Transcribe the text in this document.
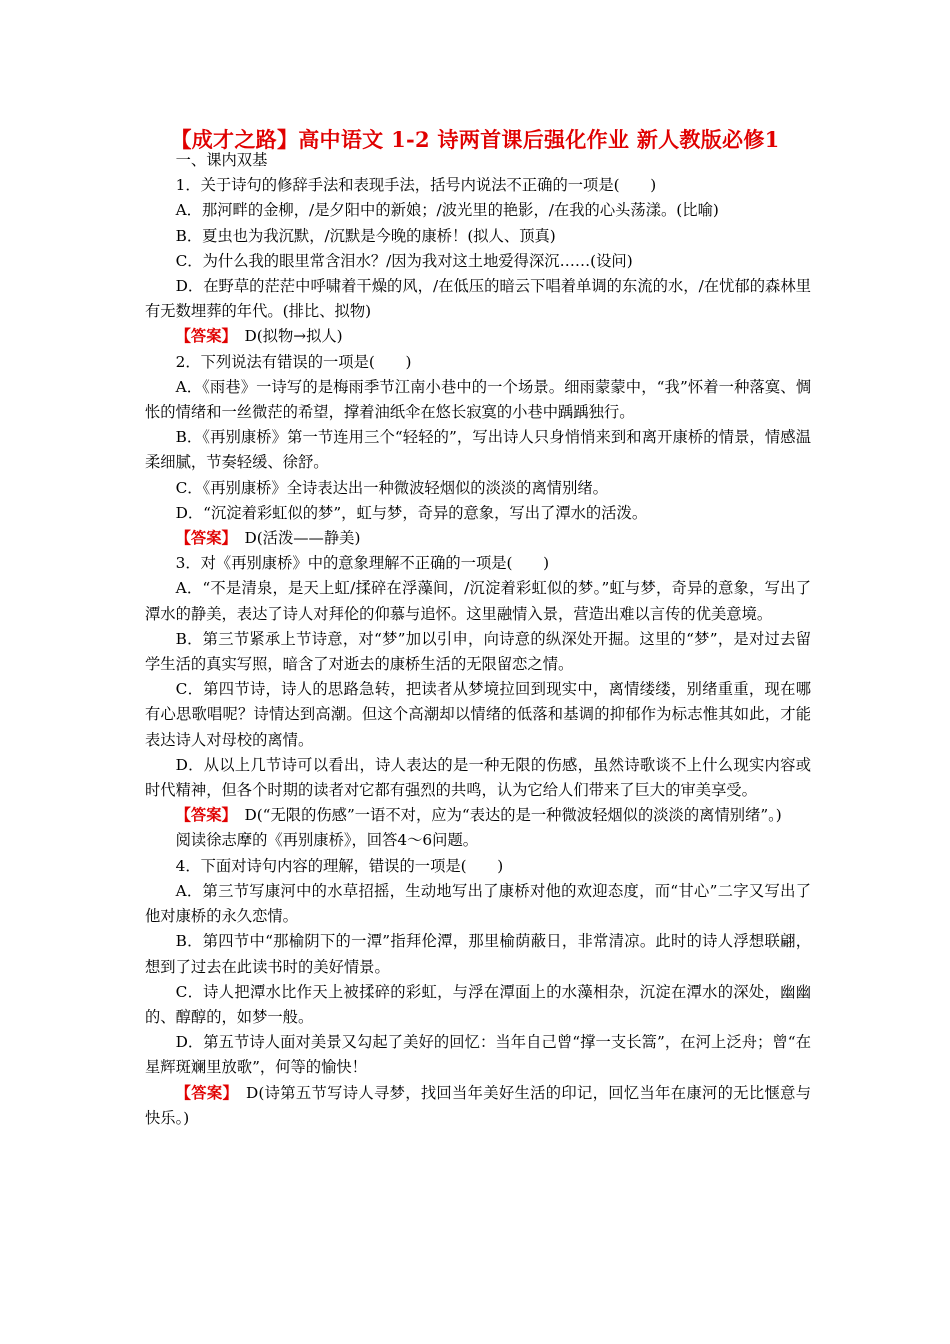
【成才之路】高中语文 1-2 诗两首课后强化作业 新人教版必修1

一、课内双基

1．关于诗句的修辞手法和表现手法，括号内说法不正确的一项是(　　)

A．那河畔的金柳，/是夕阳中的新娘；/波光里的艳影，/在我的心头荡漾。(比喻)

B．夏虫也为我沉默，/沉默是今晚的康桥！(拟人、顶真)

C．为什么我的眼里常含泪水？/因为我对这土地爱得深沉……(设问)

D．在野草的茫茫中呼啸着干燥的风，/在低压的暗云下唱着单调的东流的水，/在忧郁的森林里有无数埋葬的年代。(排比、拟物)

【答案】　D(拟物→拟人)

2．下列说法有错误的一项是(　　)

A．《雨巷》一诗写的是梅雨季节江南小巷中的一个场景。细雨蒙蒙中，“我”怀着一种落寞、惆怅的情绪和一丝微茫的希望，撑着油纸伞在悠长寂寞的小巷中踽踽独行。

B．《再别康桥》第一节连用三个“轻轻的”，写出诗人只身悄悄来到和离开康桥的情景，情感温柔细腻，节奏轻缓、徐舒。

C．《再别康桥》全诗表达出一种微波轻烟似的淡淡的离情别绪。

D．“沉淀着彩虹似的梦”，虹与梦，奇异的意象，写出了潭水的活泼。

【答案】　D(活泼——静美)

3．对《再别康桥》中的意象理解不正确的一项是(　　)

A．“不是清泉，是天上虹/揉碎在浮藻间，/沉淀着彩虹似的梦。”虹与梦，奇异的意象，写出了潭水的静美，表达了诗人对拜伦的仰慕与追怀。这里融情入景，营造出难以言传的优美意境。

B．第三节紧承上节诗意，对“梦”加以引申，向诗意的纵深处开掘。这里的“梦”，是对过去留学生活的真实写照，暗含了对逝去的康桥生活的无限留恋之情。

C．第四节诗，诗人的思路急转，把读者从梦境拉回到现实中，离情缕缕，别绪重重，现在哪有心思歌唱呢？诗情达到高潮。但这个高潮却以情绪的低落和基调的抑郁作为标志惟其如此，才能表达诗人对母校的离情。

D．从以上几节诗可以看出，诗人表达的是一种无限的伤感，虽然诗歌谈不上什么现实内容或时代精神，但各个时期的读者对它都有强烈的共鸣，认为它给人们带来了巨大的审美享受。

【答案】　D(“无限的伤感”一语不对，应为“表达的是一种微波轻烟似的淡淡的离情别绪”。)

阅读徐志摩的《再别康桥》，回答4～6问题。

4．下面对诗句内容的理解，错误的一项是(　　)

A．第三节写康河中的水草招摇，生动地写出了康桥对他的欢迎态度，而“甘心”二字又写出了他对康桥的永久恋情。

B．第四节中“那榆阴下的一潭”指拜伦潭，那里榆荫蔽日，非常清凉。此时的诗人浮想联翩，想到了过去在此读书时的美好情景。

C．诗人把潭水比作天上被揉碎的彩虹，与浮在潭面上的水藻相杂，沉淀在潭水的深处，幽幽的、醇醇的，如梦一般。

D．第五节诗人面对美景又勾起了美好的回忆：当年自己曾“撑一支长篙”，在河上泛舟；曾“在星辉斑斓里放歌”，何等的愉快！

【答案】　D(诗第五节写诗人寻梦，找回当年美好生活的印记，回忆当年在康河的无比惬意与快乐。)
